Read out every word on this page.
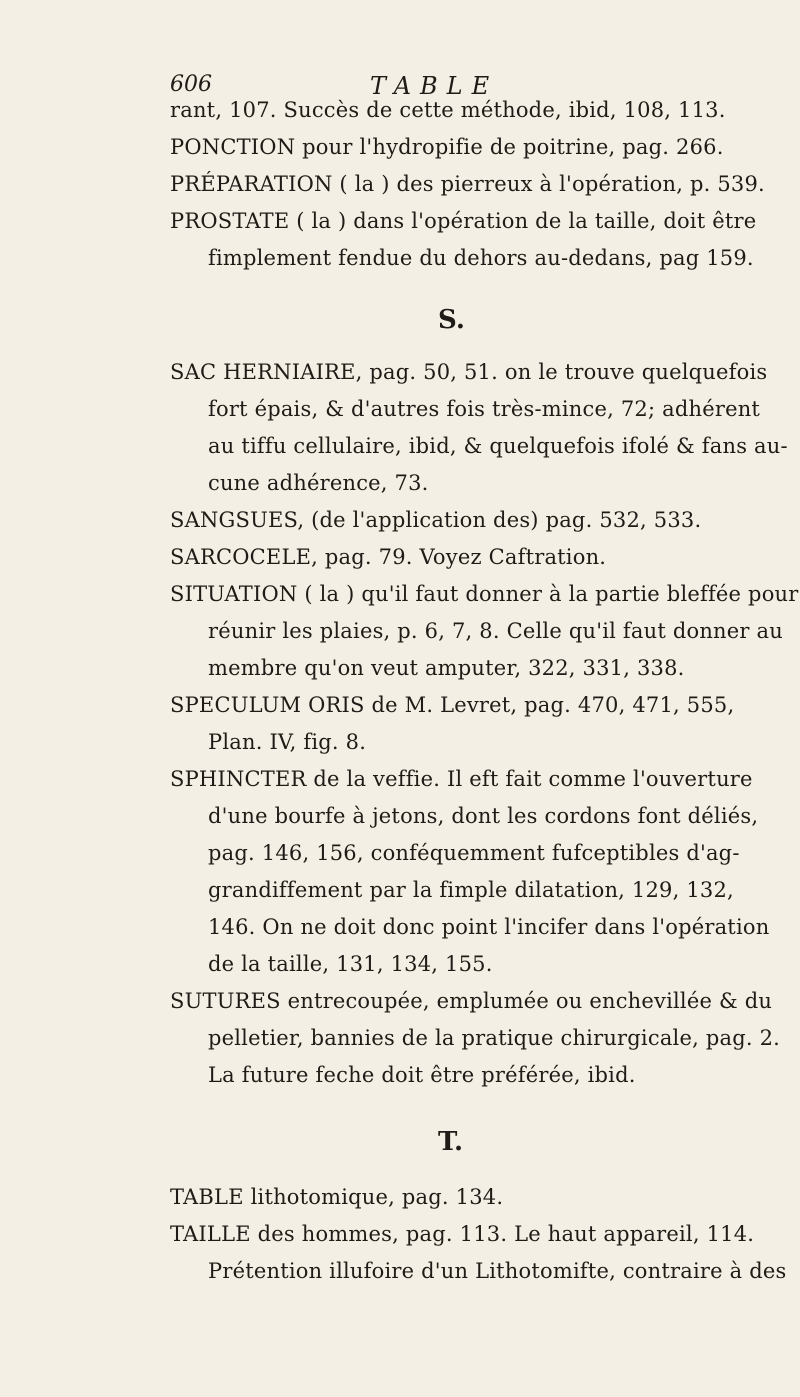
606	TABLE
rant, 107. Succès de cette méthode, ibid, 108, 113.
PONCTION pour l'hydropifie de poitrine, pag. 266.
PRÉPARATION ( la ) des pierreux à l'opération, p. 539.
PROSTATE ( la ) dans l'opération de la taille, doit être
fimplement fendue du dehors au-dedans, pag 159.
S.
SAC HERNIAIRE, pag. 50, 51. on le trouve quelquefois
fort épais, & d'autres fois très-mince, 72; adhérent
au tiffu cellulaire, ibid, & quelquefois ifolé & fans au-
cune adhérence, 73.
SANGSUES, (de l'application des) pag. 532, 533.
SARCOCELE, pag. 79. Voyez Caftration.
SITUATION ( la ) qu'il faut donner à la partie bleffée pour
réunir les plaies, p. 6, 7, 8. Celle qu'il faut donner au
membre qu'on veut amputer, 322, 331, 338.
SPECULUM ORIS de M. Levret, pag. 470, 471, 555,
Plan. IV, fig. 8.
SPHINCTER de la veffie. Il eft fait comme l'ouverture
d'une bourfe à jetons, dont les cordons font déliés,
pag. 146, 156, conféquemment fufceptibles d'ag-
grandiffement par la fimple dilatation, 129, 132,
146. On ne doit donc point l'incifer dans l'opération
de la taille, 131, 134, 155.
SUTURES entrecoupée, emplumée ou enchevillée & du
pelletier, bannies de la pratique chirurgicale, pag. 2.
La future feche doit être préférée, ibid.
T.
TABLE lithotomique, pag. 134.
TAILLE des hommes, pag. 113. Le haut appareil, 114.
Prétention illufoire d'un Lithotomifte, contraire à des
